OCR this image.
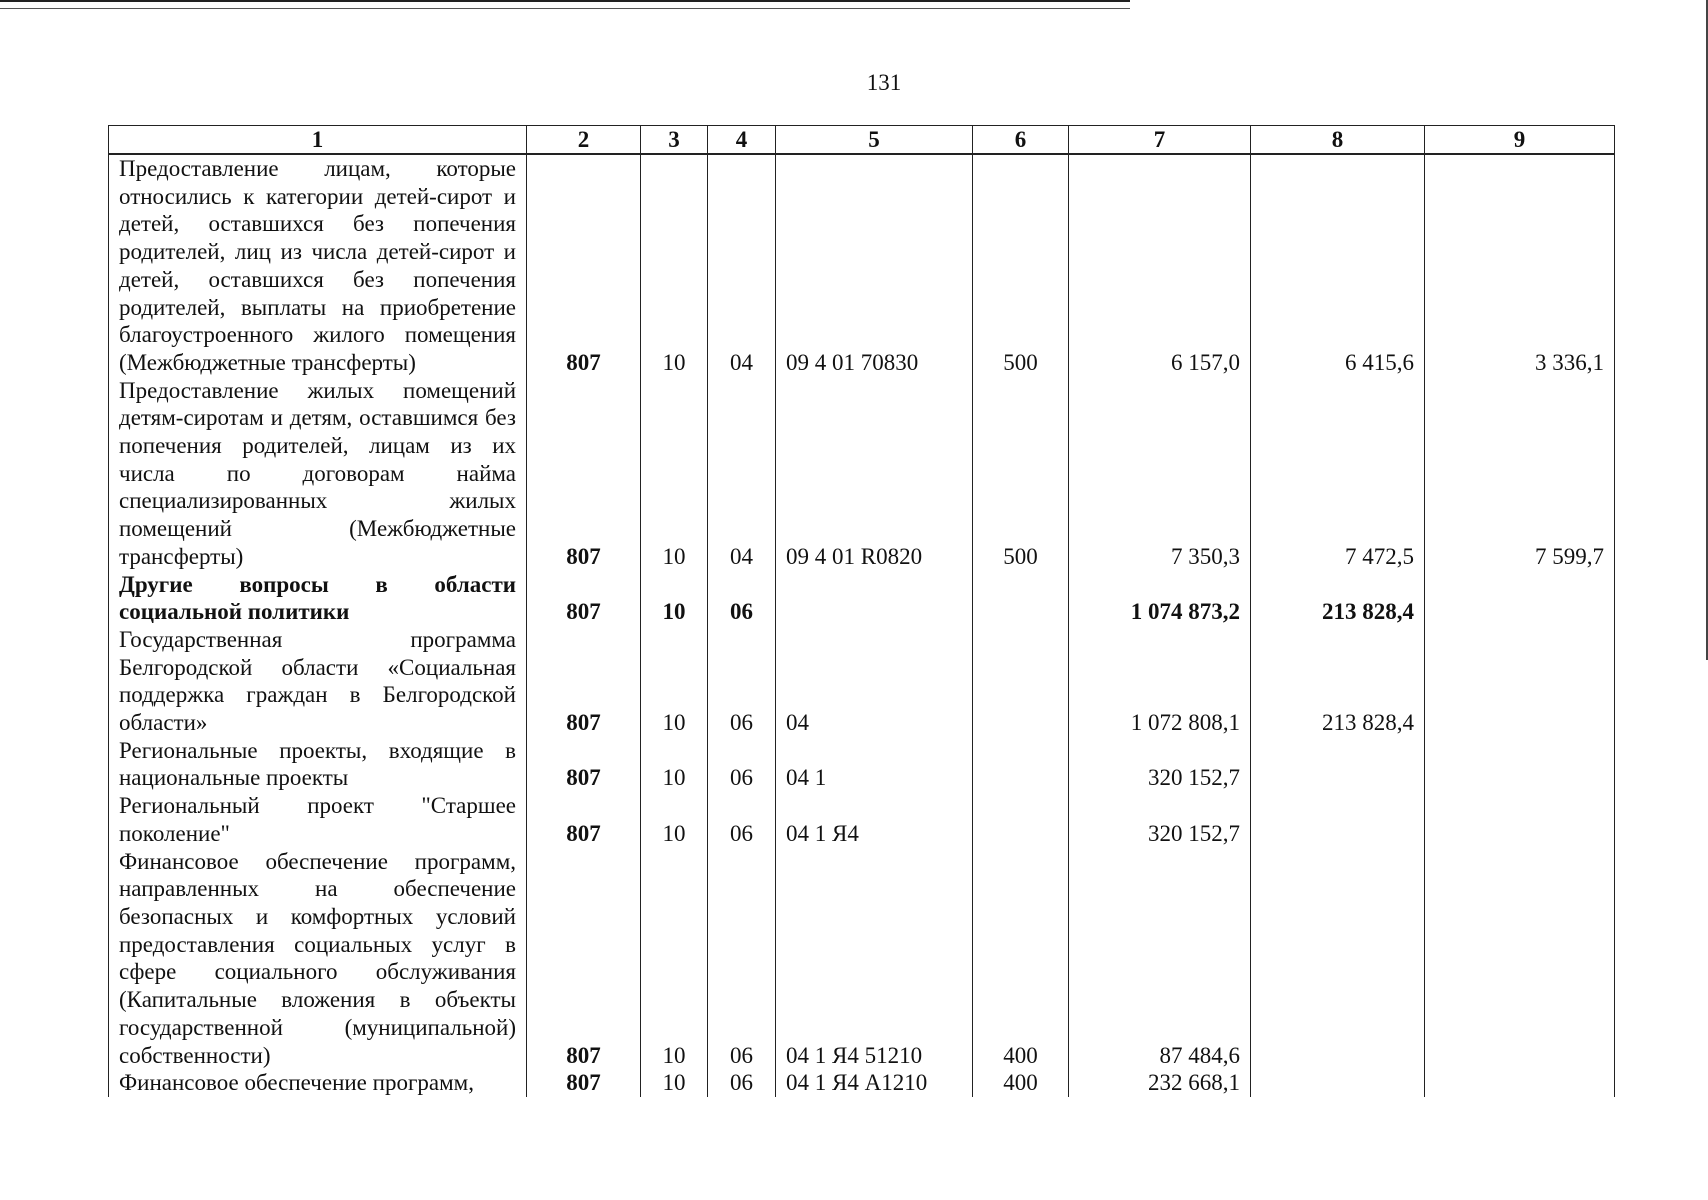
131
1	2	3	4	5	6	7	8	9
Предоставление лицам, которые относились к категории детей-сирот и детей, оставшихся без попечения родителей, лиц из числа детей-сирот и детей, оставшихся без попечения родителей, выплаты на приобретение благоустроенного жилого помещения (Межбюджетные трансферты)	807	10	04	09 4 01 70830	500	6 157,0	6 415,6	3 336,1
Предоставление жилых помещений детям-сиротам и детям, оставшимся без попечения родителей, лицам из их числа по договорам найма специализированных жилых помещений (Межбюджетные трансферты)	807	10	04	09 4 01 R0820	500	7 350,3	7 472,5	7 599,7
Другие вопросы в области социальной политики	807	10	06			1 074 873,2	213 828,4	
Государственная программа Белгородской области «Социальная поддержка граждан в Белгородской области»	807	10	06	04		1 072 808,1	213 828,4	
Региональные проекты, входящие в национальные проекты	807	10	06	04 1		320 152,7		
Региональный проект "Старшее поколение"	807	10	06	04 1 Я4		320 152,7		
Финансовое обеспечение программ, направленных на обеспечение безопасных и комфортных условий предоставления социальных услуг в сфере социального обслуживания (Капитальные вложения в объекты государственной (муниципальной) собственности)	807	10	06	04 1 Я4 51210	400	87 484,6		
Финансовое обеспечение программ,	807	10	06	04 1 Я4 А1210	400	232 668,1		
